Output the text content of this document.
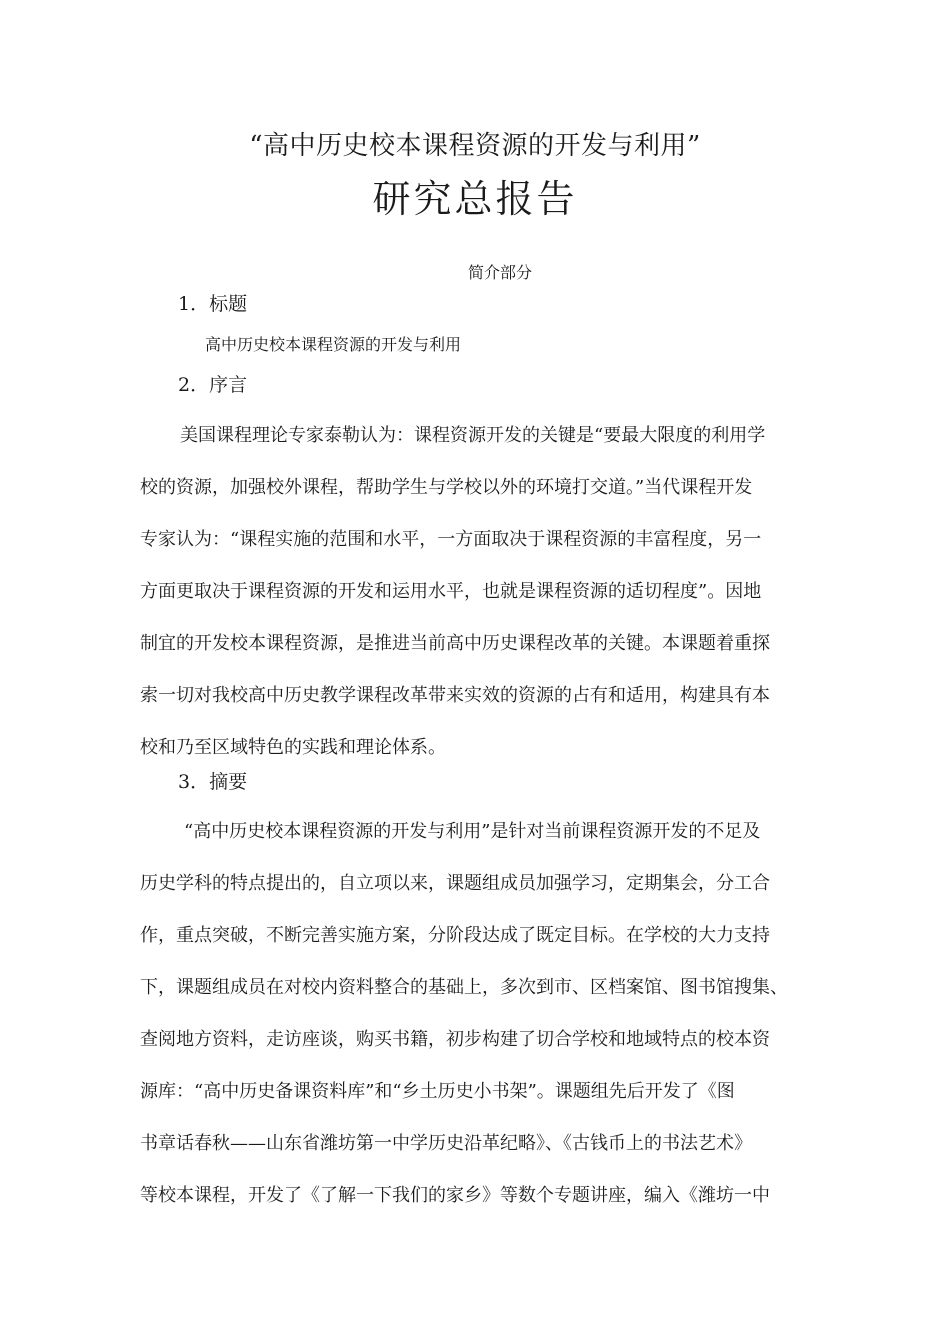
“高中历史校本课程资源的开发与利用”
研究总报告
简介部分
1．标题
高中历史校本课程资源的开发与利用
2．序言
美国课程理论专家泰勒认为：课程资源开发的关键是“要最大限度的利用学
校的资源，加强校外课程，帮助学生与学校以外的环境打交道。”当代课程开发
专家认为：“课程实施的范围和水平，一方面取决于课程资源的丰富程度，另一
方面更取决于课程资源的开发和运用水平，也就是课程资源的适切程度”。因地
制宜的开发校本课程资源，是推进当前高中历史课程改革的关键。本课题着重探
索一切对我校高中历史教学课程改革带来实效的资源的占有和适用，构建具有本
校和乃至区域特色的实践和理论体系。
3．摘要
“高中历史校本课程资源的开发与利用”是针对当前课程资源开发的不足及
历史学科的特点提出的，自立项以来，课题组成员加强学习，定期集会，分工合
作，重点突破，不断完善实施方案，分阶段达成了既定目标。在学校的大力支持
下，课题组成员在对校内资料整合的基础上，多次到市、区档案馆、图书馆搜集、
查阅地方资料，走访座谈，购买书籍，初步构建了切合学校和地域特点的校本资
源库：“高中历史备课资料库”和“乡土历史小书架”。课题组先后开发了《图
书章话春秋——山东省潍坊第一中学历史沿革纪略》、《古钱币上的书法艺术》
等校本课程，开发了《了解一下我们的家乡》等数个专题讲座，编入《潍坊一中
